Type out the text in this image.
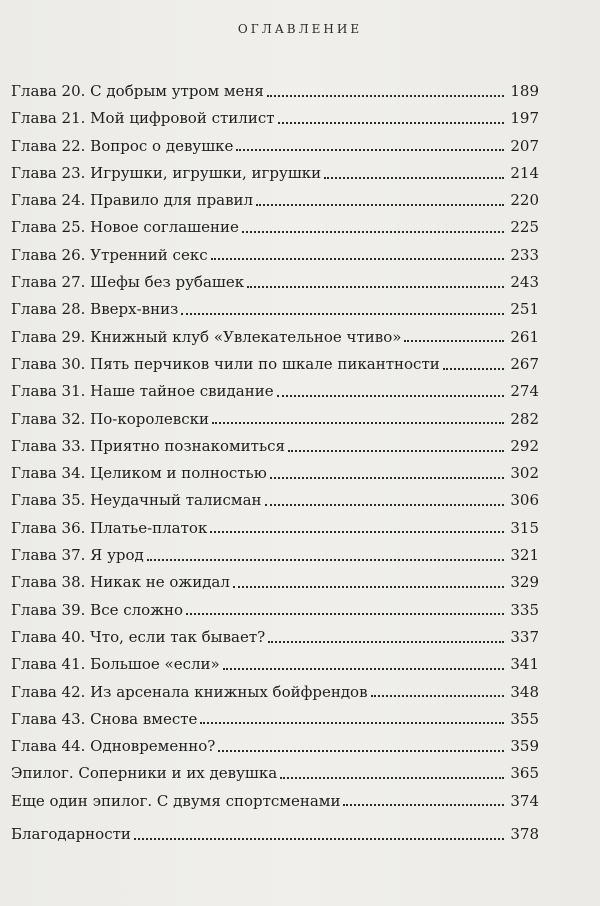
ОГЛАВЛЕНИЕ
Глава 20. С добрым утром меня	189
Глава 21. Мой цифровой стилист	197
Глава 22. Вопрос о девушке	207
Глава 23. Игрушки, игрушки, игрушки	214
Глава 24. Правило для правил	220
Глава 25. Новое соглашение	225
Глава 26. Утренний секс	233
Глава 27. Шефы без рубашек	243
Глава 28. Вверх-вниз	251
Глава 29. Книжный клуб «Увлекательное чтиво»	261
Глава 30. Пять перчиков чили по шкале пикантности	267
Глава 31. Наше тайное свидание	274
Глава 32. По-королевски	282
Глава 33. Приятно познакомиться	292
Глава 34. Целиком и полностью	302
Глава 35. Неудачный талисман	306
Глава 36. Платье-платок	315
Глава 37. Я урод	321
Глава 38. Никак не ожидал	329
Глава 39. Все сложно	335
Глава 40. Что, если так бывает?	337
Глава 41. Большое «если»	341
Глава 42. Из арсенала книжных бойфрендов	348
Глава 43. Снова вместе	355
Глава 44. Одновременно?	359
Эпилог. Соперники и их девушка	365
Еще один эпилог. С двумя спортсменами	374
Благодарности	378
